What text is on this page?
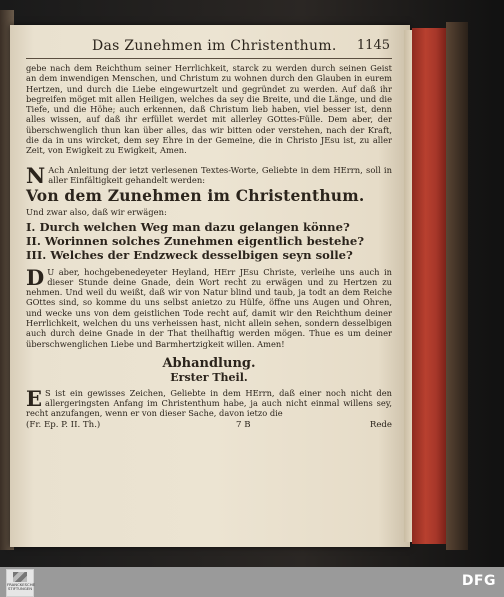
Das Zunehmen im Christenthum. 1145

gebe nach dem Reichthum seiner Herrlichkeit, starck zu werden durch seinen Geist an dem inwendigen Menschen, und Christum zu wohnen durch den Glauben in eurem Hertzen, und durch die Liebe eingewurtzelt und gegründet zu werden. Auf daß ihr begreifen möget mit allen Heiligen, welches da sey die Breite, und die Länge, und die Tiefe, und die Höhe; auch erkennen, daß Christum lieb haben, viel besser ist, denn alles wissen, auf daß ihr erfüllet werdet mit allerley GOttes-Fülle. Dem aber, der überschwenglich thun kan über alles, das wir bitten oder verstehen, nach der Kraft, die da in uns wircket, dem sey Ehre in der Gemeine, die in Christo JEsu ist, zu aller Zeit, von Ewigkeit zu Ewigkeit, Amen.

N Ach Anleitung der ietzt verlesenen Textes-Worte, Geliebte in dem HErrn, soll in aller Einfältigkeit gehandelt werden:

Von dem Zunehmen im Christenthum.
Und zwar also, daß wir erwägen:
I. Durch welchen Weg man dazu gelangen könne?
II. Worinnen solches Zunehmen eigentlich bestehe?
III. Welches der Endzweck desselbigen seyn solle?

D U aber, hochgebenedeyeter Heyland, HErr JEsu Christe, verleihe uns auch in dieser Stunde deine Gnade, dein Wort recht zu erwägen und zu Hertzen zu nehmen. Und weil du weißt, daß wir von Natur blind und taub, ja todt an dem Reiche GOttes sind, so komme du uns selbst anietzo zu Hülfe, öffne uns Augen und Ohren, und wecke uns von dem geistlichen Tode recht auf, damit wir den Reichthum deiner Herrlichkeit, welchen du uns verheissen hast, nicht allein sehen, sondern desselbigen auch durch deine Gnade in der That theilhaftig werden mögen. Thue es um deiner überschwenglichen Liebe und Barmhertzigkeit willen. Amen!

Abhandlung.
Erster Theil.

E S ist ein gewisses Zeichen, Geliebte in dem HErrn, daß einer noch nicht den allergeringsten Anfang im Christenthum habe, ja auch nicht einmal willens sey, recht anzufangen, wenn er von dieser Sache, davon ietzo die

(Fr. Ep. P. II. Th.)	7 B	Rede
FRANCKESCHE STIFTUNGEN	DFG
